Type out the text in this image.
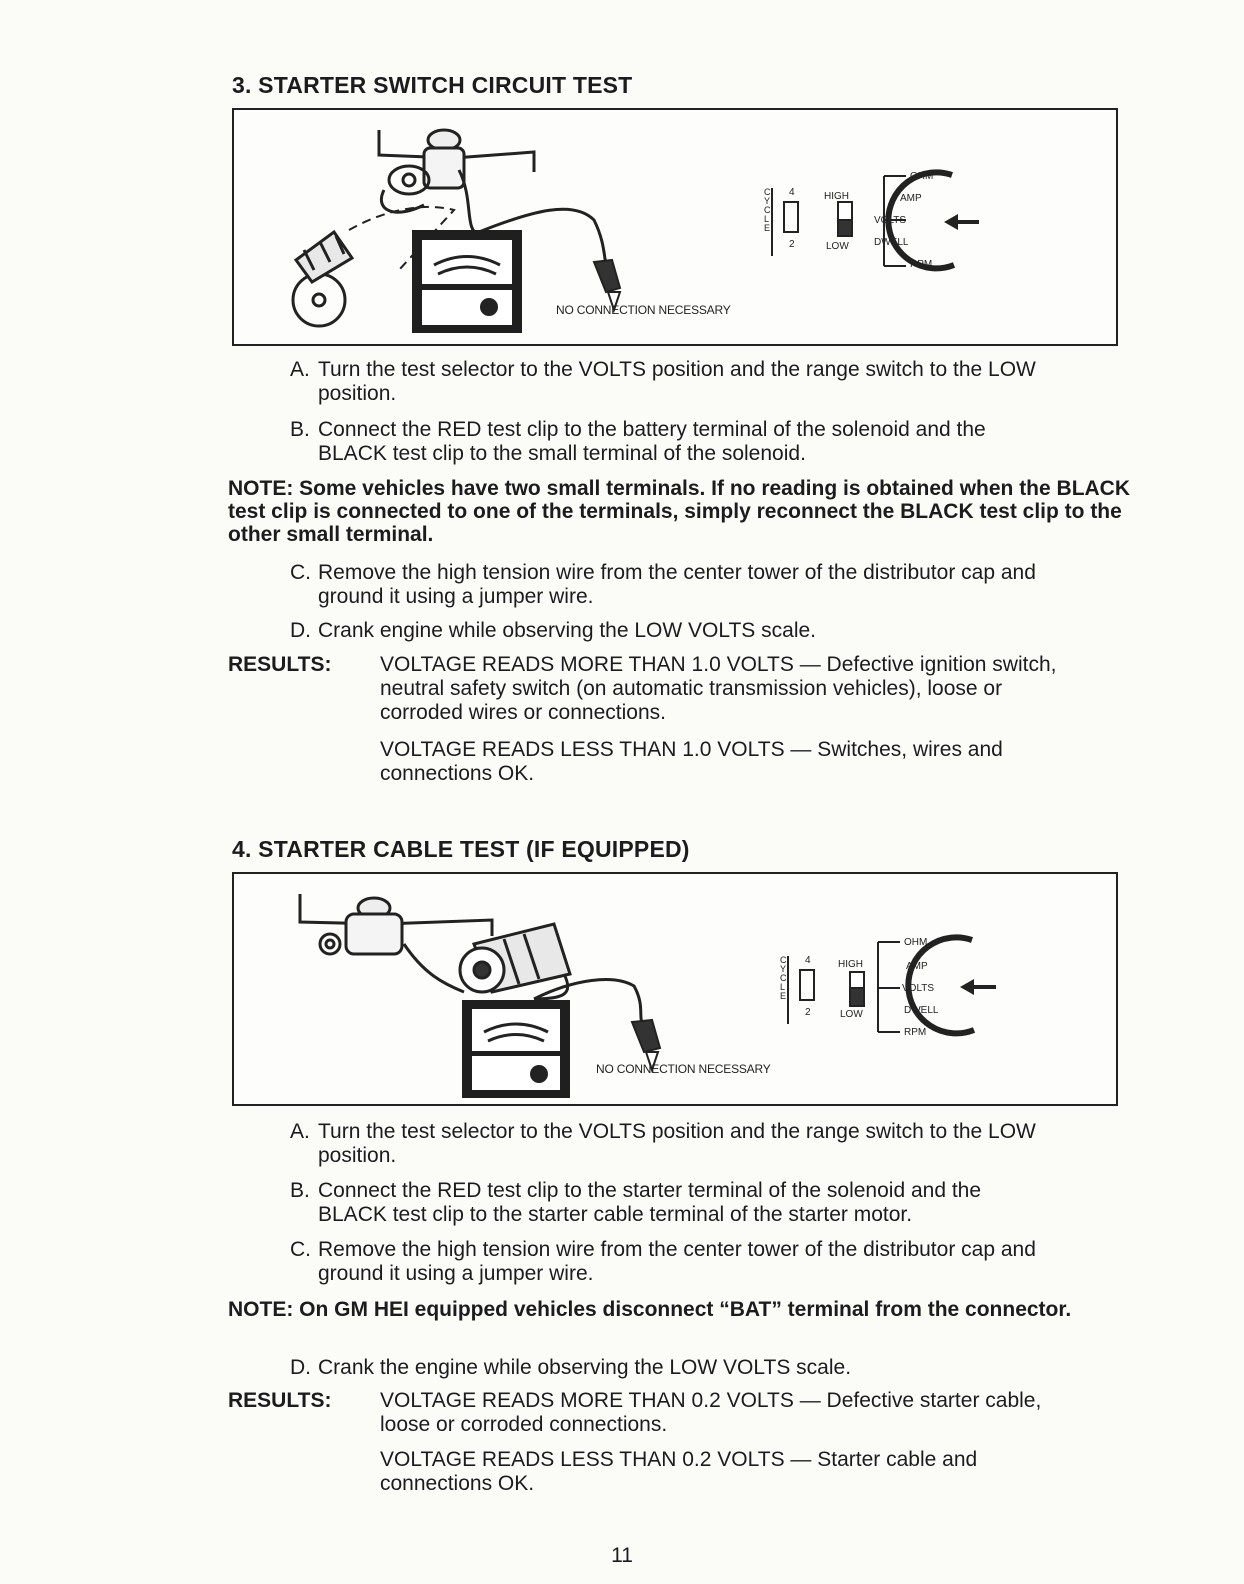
3. STARTER SWITCH CIRCUIT TEST
NO CONNECTION NECESSARY
CYCLE
4
2
HIGH
LOW
OHM
AMP
VOLTS
DWELL
RPM
A. Turn the test selector to the VOLTS position and the range switch to the LOW
position.
B. Connect the RED test clip to the battery terminal of the solenoid and the
BLACK test clip to the small terminal of the solenoid.

NOTE: Some vehicles have two small terminals. If no reading is obtained when the BLACK test clip is connected to one of the terminals, simply reconnect the BLACK test clip to the other small terminal.

C. Remove the high tension wire from the center tower of the distributor cap and
ground it using a jumper wire.
D. Crank engine while observing the LOW VOLTS scale.
RESULTS: VOLTAGE READS MORE THAN 1.0 VOLTS — Defective ignition switch,
neutral safety switch (on automatic transmission vehicles), loose or
corroded wires or connections.
VOLTAGE READS LESS THAN 1.0 VOLTS — Switches, wires and
connections OK.
4. STARTER CABLE TEST (IF EQUIPPED)
NO CONNECTION NECESSARY
CYCLE
4
2
HIGH
LOW
OHM
AMP
VOLTS
DWELL
RPM
A. Turn the test selector to the VOLTS position and the range switch to the LOW
position.
B. Connect the RED test clip to the starter terminal of the solenoid and the
BLACK test clip to the starter cable terminal of the starter motor.
C. Remove the high tension wire from the center tower of the distributor cap and
ground it using a jumper wire.

NOTE: On GM HEI equipped vehicles disconnect “BAT” terminal from the connector.

D. Crank the engine while observing the LOW VOLTS scale.
RESULTS: VOLTAGE READS MORE THAN 0.2 VOLTS — Defective starter cable,
loose or corroded connections.
VOLTAGE READS LESS THAN 0.2 VOLTS — Starter cable and
connections OK.
11
